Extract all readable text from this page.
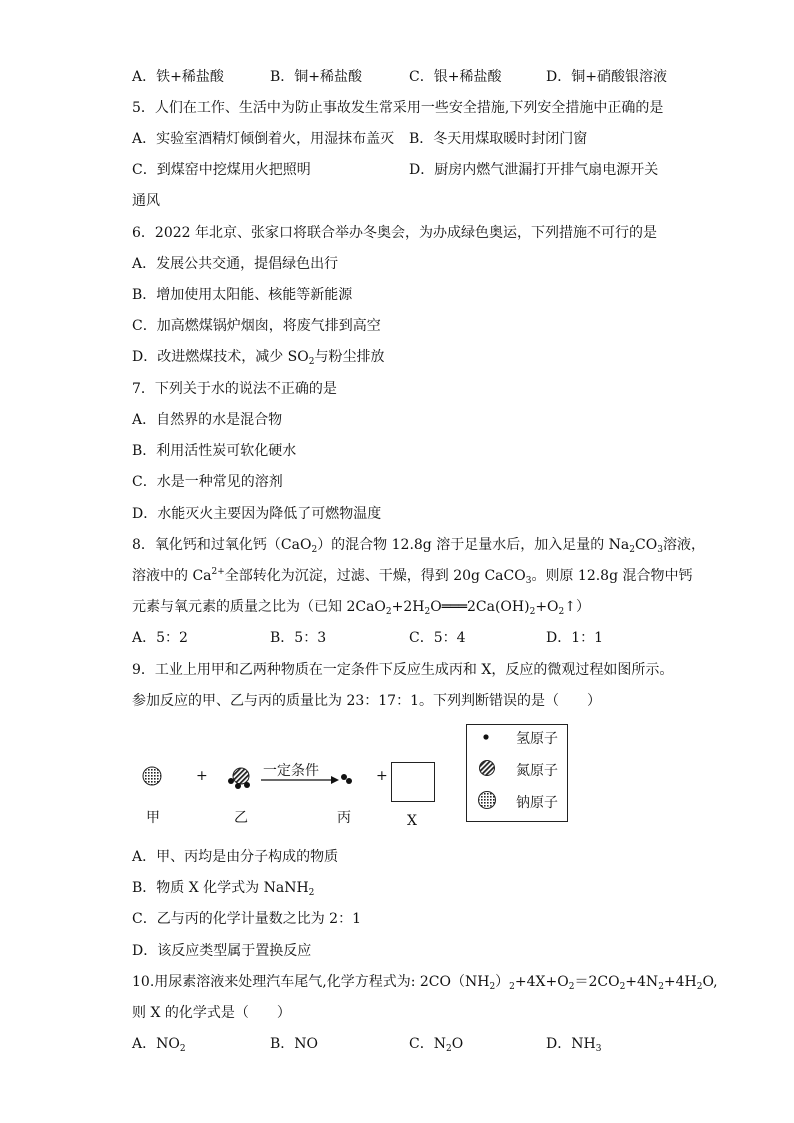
A．铁+稀盐酸	B．铜+稀盐酸	C．银+稀盐酸	D．铜+硝酸银溶液
5．人们在工作、生活中为防止事故发生常采用一些安全措施,下列安全措施中正确的是
A．实验室酒精灯倾倒着火，用湿抹布盖灭 B．冬天用煤取暖时封闭门窗
C．到煤窑中挖煤用火把照明	D．厨房内燃气泄漏打开排气扇电源开关
通风
6．2022 年北京、张家口将联合举办冬奥会，为办成绿色奥运，下列措施不可行的是
A．发展公共交通，提倡绿色出行
B．增加使用太阳能、核能等新能源
C．加高燃煤锅炉烟囱，将废气排到高空
D．改进燃煤技术，减少 $SO_2$与粉尘排放
7．下列关于水的说法不正确的是
A．自然界的水是混合物
B．利用活性炭可软化硬水
C．水是一种常见的溶剂
D．水能灭火主要因为降低了可燃物温度
8．氧化钙和过氧化钙（CaO$_2$）的混合物 12.8g 溶于足量水后，加入足量的 $Na_2CO_3$溶液，
溶液中的 $Ca^{2+}$全部转化为沉淀，过滤、干燥，得到 20g CaCO$_3$。则原 12.8g 混合物中钙
元素与氧元素的质量之比为（已知 $2CaO_2+2H_2O═══2Ca(OH)_2+O_2↑$）
A．5：2	B．5：3	C．5：4	D．1：1
9．工业上用甲和乙两种物质在一定条件下反应生成丙和 X，反应的微观过程如图所示。
参加反应的甲、乙与丙的质量比为 23：17：1。下列判断错误的是（　　）
+	+
一定条件
氢原子
氮原子
钠原子
甲	乙	丙	X
A．甲、丙均是由分子构成的物质
B．物质 X 化学式为 NaNH$_2$
C．乙与丙的化学计量数之比为 2：1
D．该反应类型属于置换反应
10.用尿素溶液来处理汽车尾气,化学方程式为: $2CO(NH_2)_2+4X+O_2=2CO_2+4N_2+4H_2O$,
则 X 的化学式是（　　）
A．$NO_2$	B．NO	C．$N_2O$	D．$NH_3$
